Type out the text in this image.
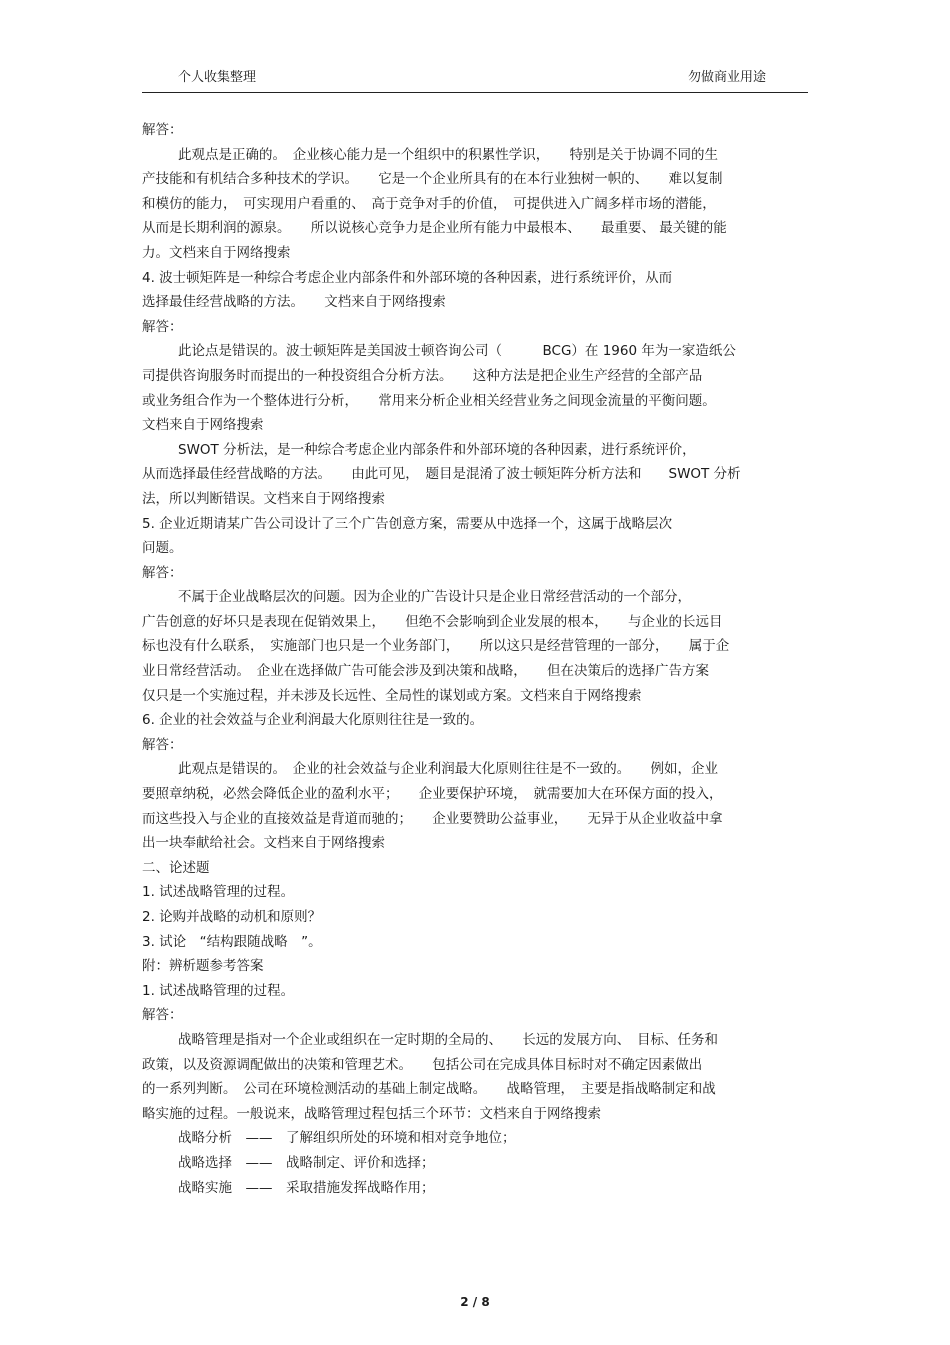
个人收集整理	勿做商业用途
解答：
此观点是正确的。　企业核心能力是一个组织中的积累性学识，　　特别是关于协调不同的生
产技能和有机结合多种技术的学识。　　它是一个企业所具有的在本行业独树一帜的、　　难以复制
和模仿的能力，　可实现用户看重的、　高于竞争对手的价值，　可提供进入广阔多样市场的潜能，
从而是长期利润的源泉。　　所以说核心竞争力是企业所有能力中最根本、　　最重要、 最关键的能
力。文档来自于网络搜索
4. 波士顿矩阵是一种综合考虑企业内部条件和外部环境的各种因素，进行系统评价，从而
选择最佳经营战略的方法。　　文档来自于网络搜索
解答：
此论点是错误的。波士顿矩阵是美国波士顿咨询公司（　　　BCG）在 1960 年为一家造纸公
司提供咨询服务时而提出的一种投资组合分析方法。　　这种方法是把企业生产经营的全部产品
或业务组合作为一个整体进行分析，　　常用来分析企业相关经营业务之间现金流量的平衡问题。
文档来自于网络搜索
SWOT 分析法，是一种综合考虑企业内部条件和外部环境的各种因素，进行系统评价，
从而选择最佳经营战略的方法。　　由此可见，　题目是混淆了波士顿矩阵分析方法和　　SWOT 分析
法，所以判断错误。文档来自于网络搜索
5. 企业近期请某广告公司设计了三个广告创意方案，需要从中选择一个，这属于战略层次
问题。
解答：
不属于企业战略层次的问题。因为企业的广告设计只是企业日常经营活动的一个部分，
广告创意的好坏只是表现在促销效果上，　　但绝不会影响到企业发展的根本，　　与企业的长远目
标也没有什么联系，　实施部门也只是一个业务部门，　　所以这只是经营管理的一部分，　　属于企
业日常经营活动。　企业在选择做广告可能会涉及到决策和战略，　　但在决策后的选择广告方案
仅只是一个实施过程，并未涉及长远性、全局性的谋划或方案。文档来自于网络搜索
6. 企业的社会效益与企业利润最大化原则往往是一致的。
解答：
此观点是错误的。　企业的社会效益与企业利润最大化原则往往是不一致的。　　例如，企业
要照章纳税，必然会降低企业的盈利水平；　　企业要保护环境，　就需要加大在环保方面的投入，
而这些投入与企业的直接效益是背道而驰的；　　企业要赞助公益事业，　　无异于从企业收益中拿
出一块奉献给社会。文档来自于网络搜索
二、论述题
1. 试述战略管理的过程。
2. 论购并战略的动机和原则？
3. 试论　“结构跟随战略　”。
附：辨析题参考答案
1. 试述战略管理的过程。
解答：
战略管理是指对一个企业或组织在一定时期的全局的、　　长远的发展方向、　目标、任务和
政策，以及资源调配做出的决策和管理艺术。　　包括公司在完成具体目标时对不确定因素做出
的一系列判断。　公司在环境检测活动的基础上制定战略。　　战略管理，　主要是指战略制定和战
略实施的过程。一般说来，战略管理过程包括三个环节：文档来自于网络搜索
战略分析　——　了解组织所处的环境和相对竞争地位；
战略选择　——　战略制定、评价和选择；
战略实施　——　采取措施发挥战略作用；
2 / 8
